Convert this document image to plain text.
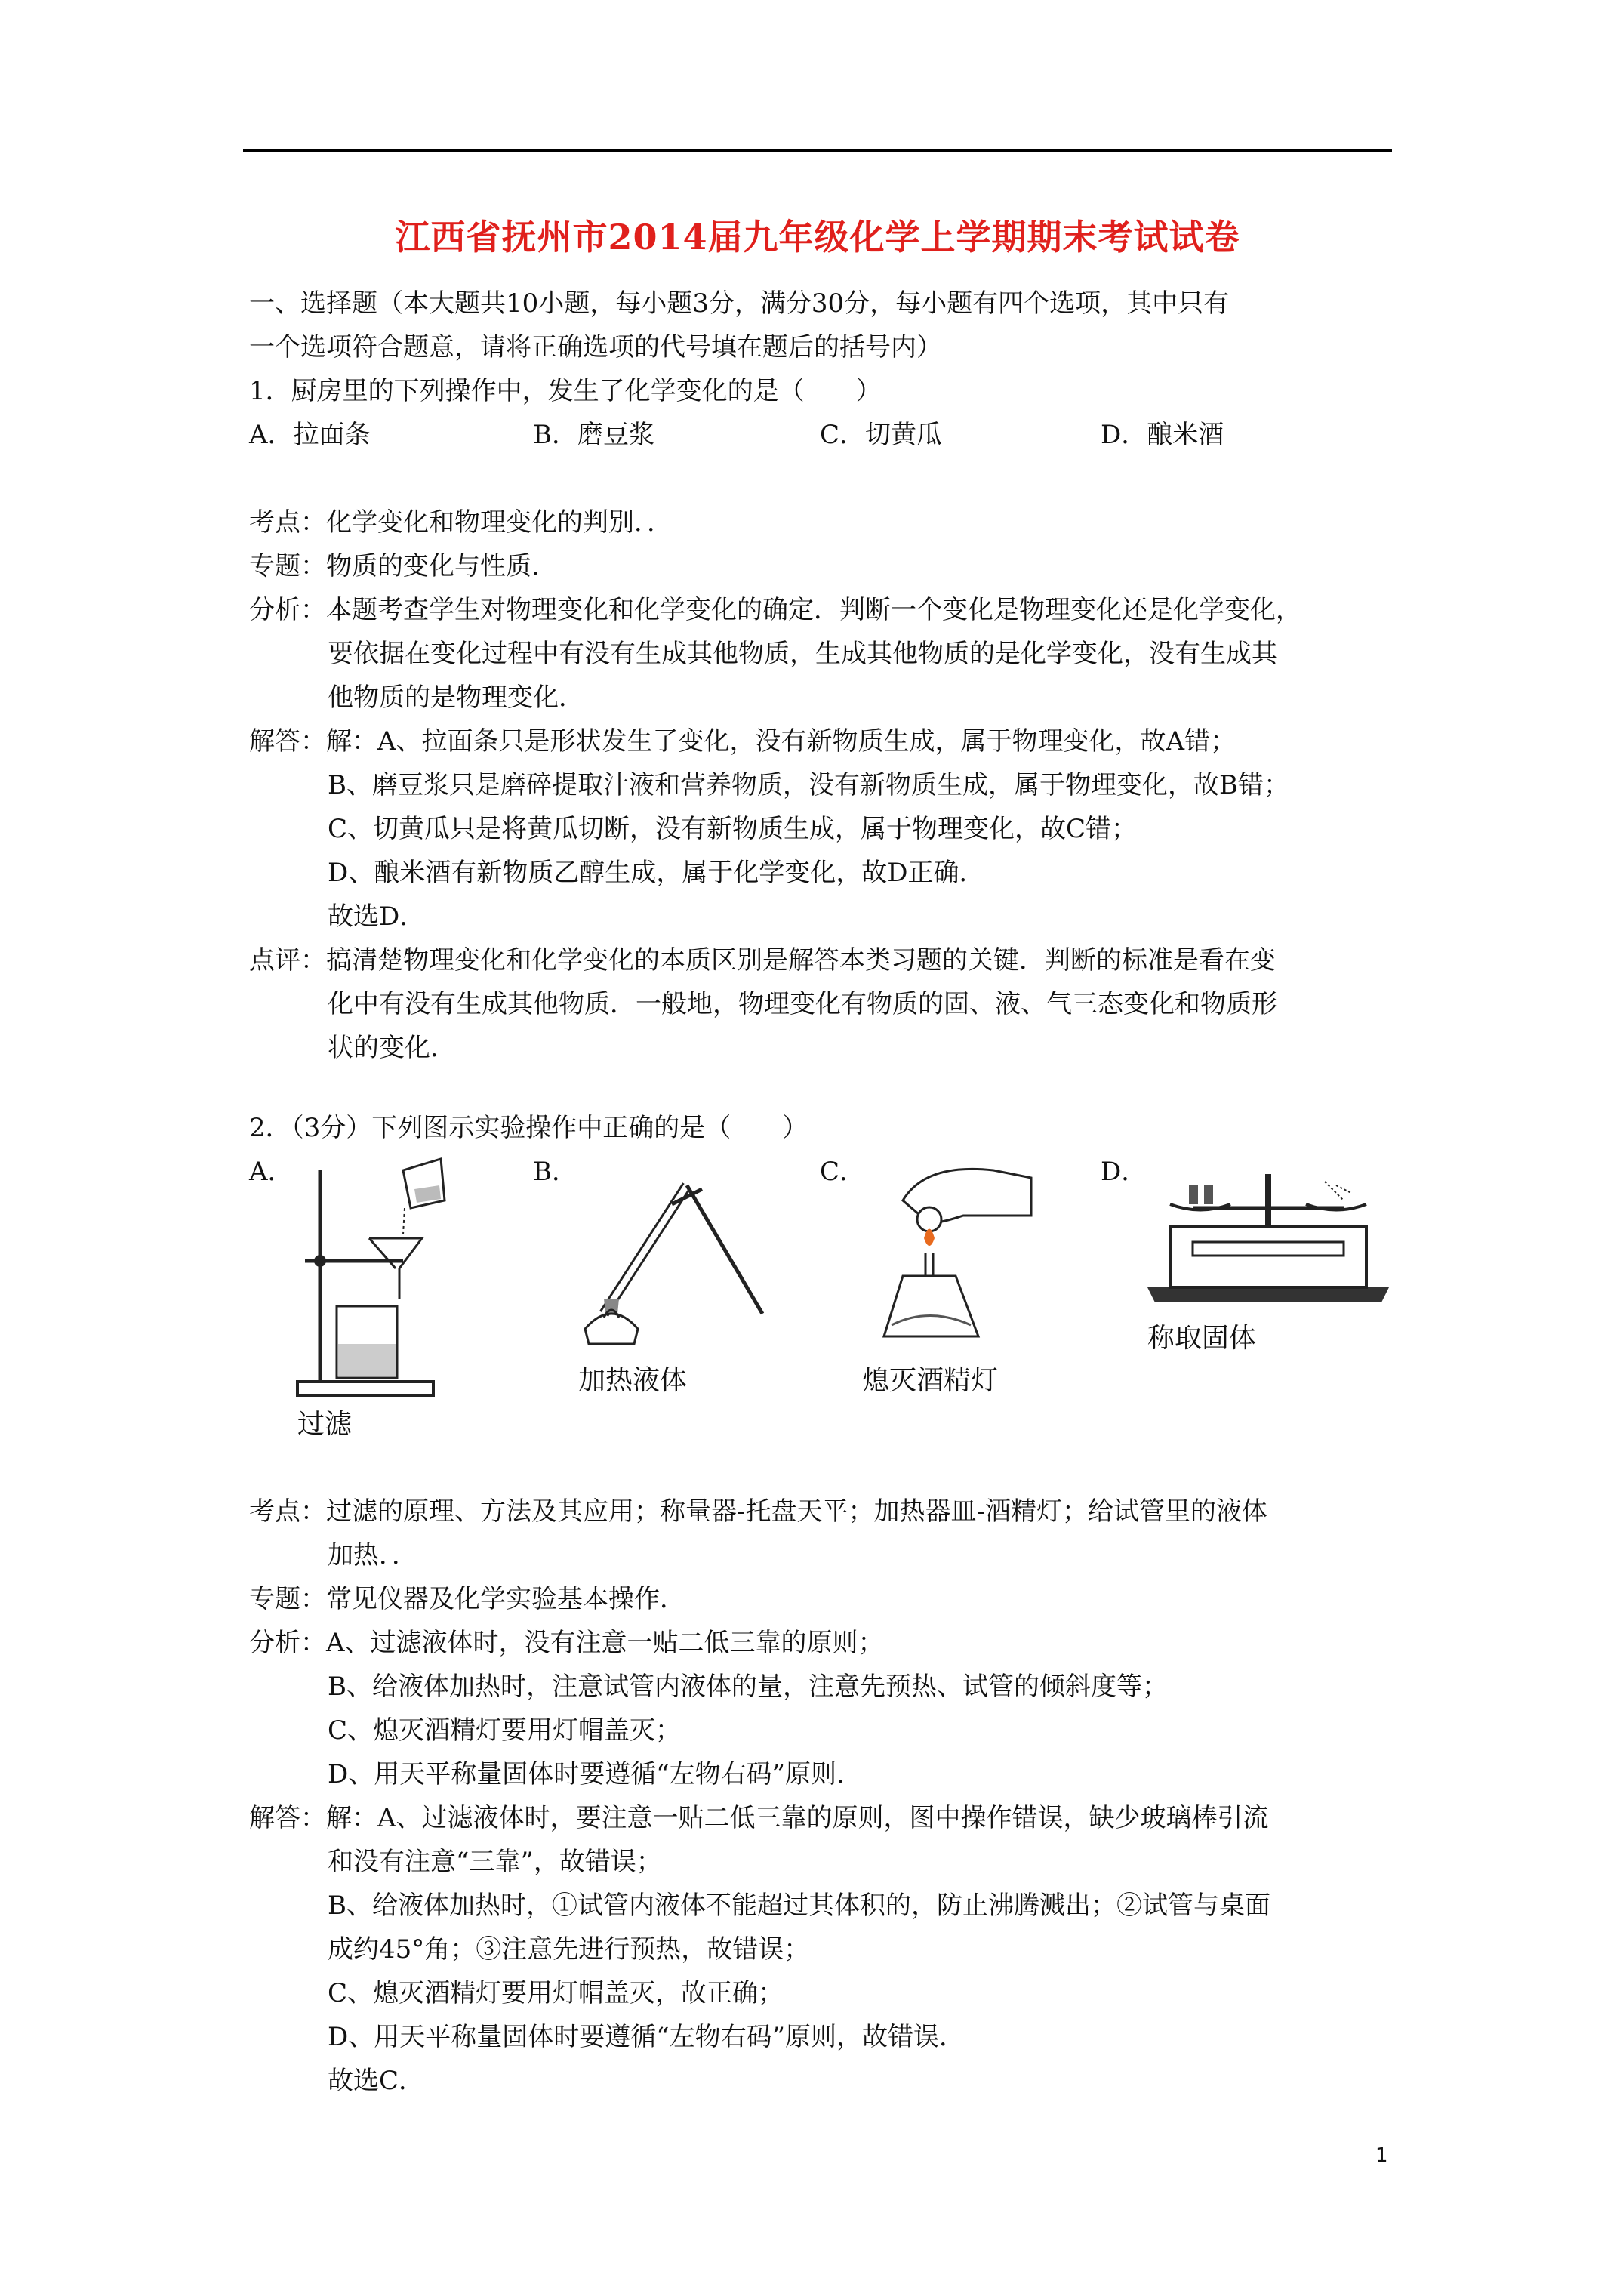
江西省抚州市2014届九年级化学上学期期末考试试卷
一、选择题（本大题共10小题，每小题3分，满分30分，每小题有四个选项，其中只有
一个选项符合题意，请将正确选项的代号填在题后的括号内）
1．厨房里的下列操作中，发生了化学变化的是（　　）
A．拉面条	B．磨豆浆	C．切黄瓜	D．酿米酒
考点：化学变化和物理变化的判别．．
专题：物质的变化与性质．
分析：本题考查学生对物理变化和化学变化的确定．判断一个变化是物理变化还是化学变化，
要依据在变化过程中有没有生成其他物质，生成其他物质的是化学变化，没有生成其
他物质的是物理变化．
解答：解：A、拉面条只是形状发生了变化，没有新物质生成，属于物理变化，故A错；
B、磨豆浆只是磨碎提取汁液和营养物质，没有新物质生成，属于物理变化，故B错；
C、切黄瓜只是将黄瓜切断，没有新物质生成，属于物理变化，故C错；
D、酿米酒有新物质乙醇生成，属于化学变化，故D正确．
故选D．
点评：搞清楚物理变化和化学变化的本质区别是解答本类习题的关键．判断的标准是看在变
化中有没有生成其他物质．一般地，物理变化有物质的固、液、气三态变化和物质形
状的变化．
2．（3分）下列图示实验操作中正确的是（　　）
A．	B．	C．	D．
过滤
加热液体	熄灭酒精灯
称取固体
考点：过滤的原理、方法及其应用；称量器-托盘天平；加热器皿-酒精灯；给试管里的液体
加热．．
专题：常见仪器及化学实验基本操作．
分析：A、过滤液体时，没有注意一贴二低三靠的原则；
B、给液体加热时，注意试管内液体的量，注意先预热、试管的倾斜度等；
C、熄灭酒精灯要用灯帽盖灭；
D、用天平称量固体时要遵循“左物右码”原则．
解答：解：A、过滤液体时，要注意一贴二低三靠的原则，图中操作错误，缺少玻璃棒引流
和没有注意“三靠”，故错误；
B、给液体加热时，①试管内液体不能超过其体积的，防止沸腾溅出；②试管与桌面
成约45°角；③注意先进行预热，故错误；
C、熄灭酒精灯要用灯帽盖灭，故正确；
D、用天平称量固体时要遵循“左物右码”原则，故错误．
故选C．
1
